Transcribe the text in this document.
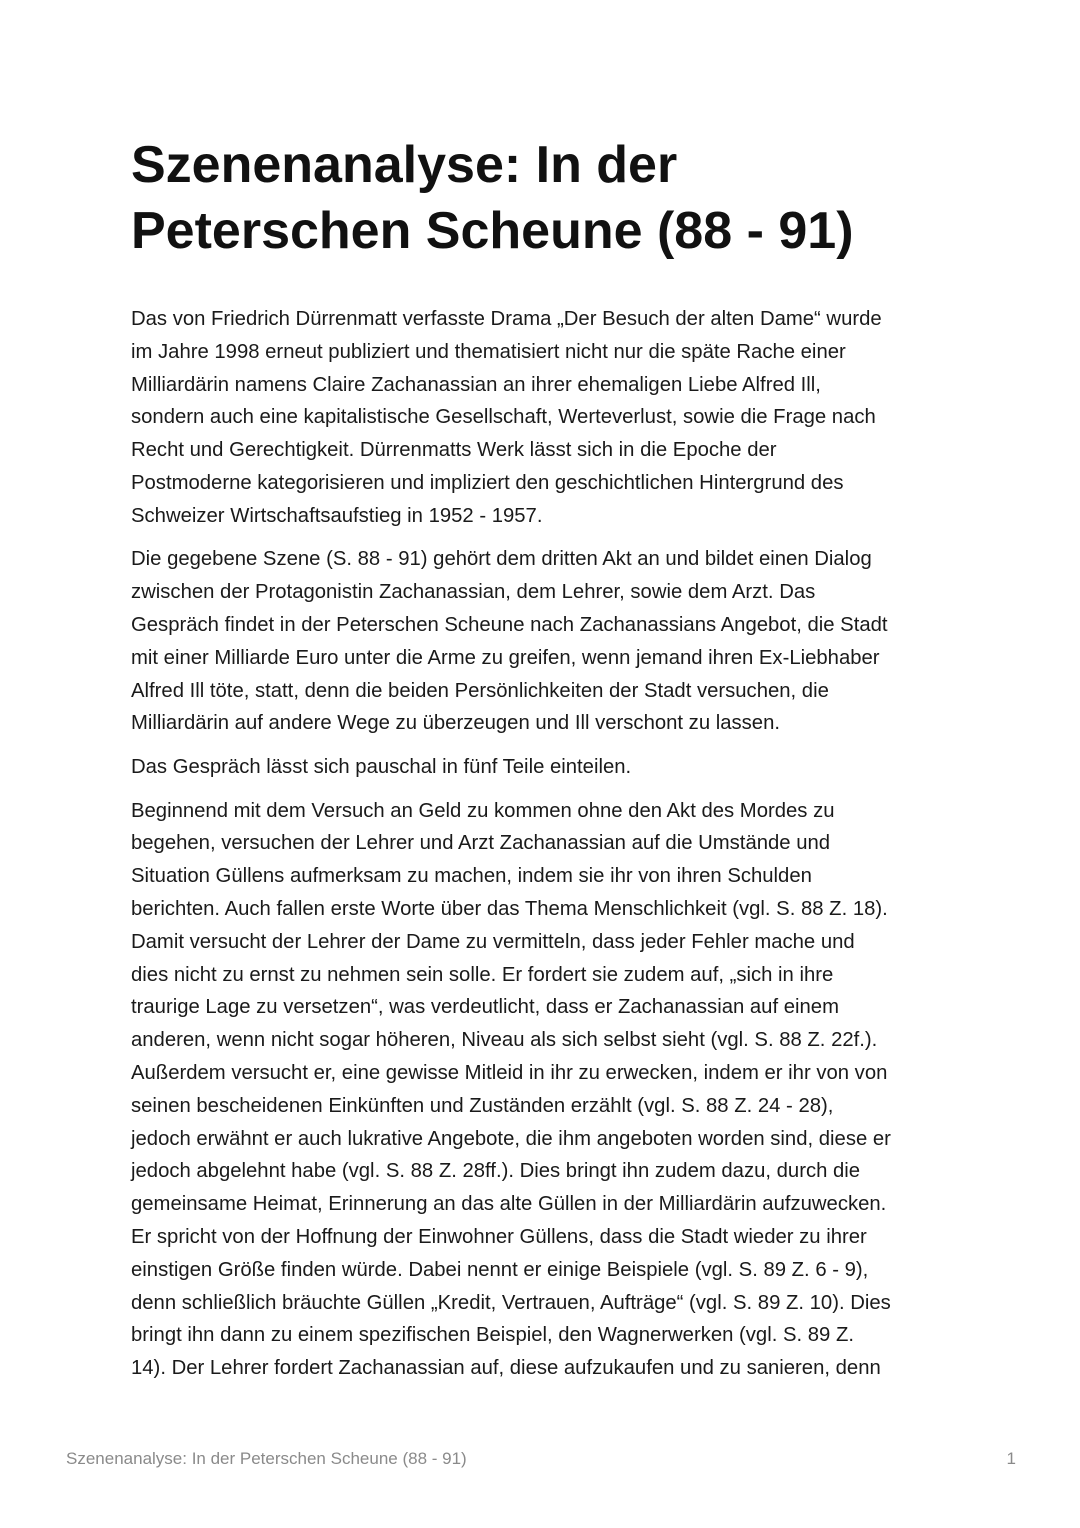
Szenenanalyse: In der
Peterschen Scheune (88 - 91)
Das von Friedrich Dürrenmatt verfasste Drama „Der Besuch der alten Dame“ wurde
im Jahre 1998 erneut publiziert und thematisiert nicht nur die späte Rache einer
Milliardärin namens Claire Zachanassian an ihrer ehemaligen Liebe Alfred Ill,
sondern auch eine kapitalistische Gesellschaft, Werteverlust, sowie die Frage nach
Recht und Gerechtigkeit. Dürrenmatts Werk lässt sich in die Epoche der
Postmoderne kategorisieren und impliziert den geschichtlichen Hintergrund des
Schweizer Wirtschaftsaufstieg in 1952 - 1957.
Die gegebene Szene (S. 88 - 91) gehört dem dritten Akt an und bildet einen Dialog
zwischen der Protagonistin Zachanassian, dem Lehrer, sowie dem Arzt. Das
Gespräch findet in der Peterschen Scheune nach Zachanassians Angebot, die Stadt
mit einer Milliarde Euro unter die Arme zu greifen, wenn jemand ihren Ex-Liebhaber
Alfred Ill töte, statt, denn die beiden Persönlichkeiten der Stadt versuchen, die
Milliardärin auf andere Wege zu überzeugen und Ill verschont zu lassen.
Das Gespräch lässt sich pauschal in fünf Teile einteilen.
Beginnend mit dem Versuch an Geld zu kommen ohne den Akt des Mordes zu
begehen, versuchen der Lehrer und Arzt Zachanassian auf die Umstände und
Situation Güllens aufmerksam zu machen, indem sie ihr von ihren Schulden
berichten. Auch fallen erste Worte über das Thema Menschlichkeit (vgl. S. 88 Z. 18).
Damit versucht der Lehrer der Dame zu vermitteln, dass jeder Fehler mache und
dies nicht zu ernst zu nehmen sein solle. Er fordert sie zudem auf, „sich in ihre
traurige Lage zu versetzen“, was verdeutlicht, dass er Zachanassian auf einem
anderen, wenn nicht sogar höheren, Niveau als sich selbst sieht (vgl. S. 88 Z. 22f.).
Außerdem versucht er, eine gewisse Mitleid in ihr zu erwecken, indem er ihr von von
seinen bescheidenen Einkünften und Zuständen erzählt (vgl. S. 88 Z. 24 - 28),
jedoch erwähnt er auch lukrative Angebote, die ihm angeboten worden sind, diese er
jedoch abgelehnt habe (vgl. S. 88 Z. 28ff.). Dies bringt ihn zudem dazu, durch die
gemeinsame Heimat, Erinnerung an das alte Güllen in der Milliardärin aufzuwecken.
Er spricht von der Hoffnung der Einwohner Güllens, dass die Stadt wieder zu ihrer
einstigen Größe finden würde. Dabei nennt er einige Beispiele (vgl. S. 89 Z. 6 - 9),
denn schließlich bräuchte Güllen „Kredit, Vertrauen, Aufträge“ (vgl. S. 89 Z. 10). Dies
bringt ihn dann zu einem spezifischen Beispiel, den Wagnerwerken (vgl. S. 89 Z.
14). Der Lehrer fordert Zachanassian auf, diese aufzukaufen und zu sanieren, denn
Szenenanalyse: In der Peterschen Scheune (88 - 91)	1
